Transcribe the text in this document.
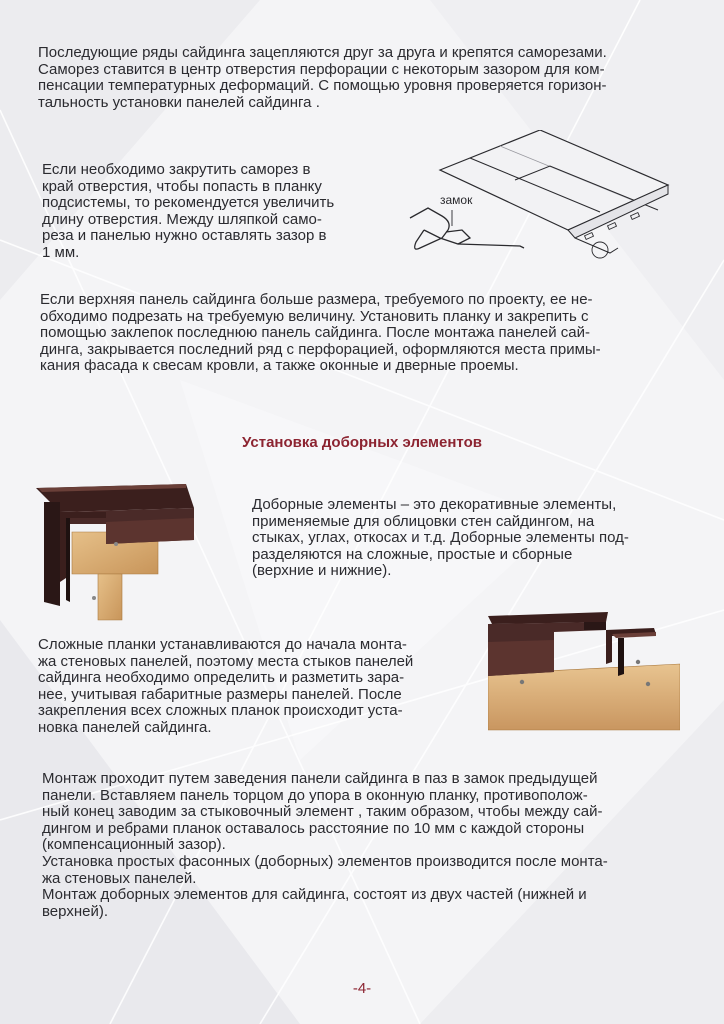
Последующие ряды сайдинга зацепляются друг за друга и крепятся саморезами.
Саморез ставится в центр отверстия перфорации с некоторым зазором для ком-
пенсации температурных деформаций. С помощью уровня проверяется горизон-
тальность установки панелей сайдинга .

Если необходимо закрутить саморез в
край отверстия, чтобы попасть в планку
подсистемы, то рекомендуется увеличить
длину отверстия. Между шляпкой само-
реза и панелью нужно оставлять зазор в
1 мм.

замок

Если верхняя панель сайдинга больше размера, требуемого по проекту, ее не-
обходимо подрезать на требуемую величину. Установить планку и закрепить с
помощью заклепок последнюю панель сайдинга. После монтажа панелей сай-
динга, закрывается последний ряд с перфорацией, оформляются места примы-
кания фасада к свесам кровли, а также оконные и дверные проемы.

Установка доборных элементов

Доборные элементы – это декоративные элементы,
применяемые для облицовки стен сайдингом, на
стыках, углах, откосах и т.д. Доборные элементы под-
разделяются на сложные, простые и сборные
(верхние и нижние).

Сложные планки устанавливаются до начала монта-
жа стеновых панелей, поэтому места стыков панелей
сайдинга необходимо определить и разметить зара-
нее, учитывая габаритные размеры панелей. После
закрепления всех сложных планок происходит уста-
новка панелей сайдинга.

Монтаж проходит путем заведения панели сайдинга в паз в замок предыдущей
панели. Вставляем панель торцом до упора в оконную планку, противополож-
ный конец заводим за стыковочный элемент , таким образом, чтобы между сай-
дингом и ребрами планок оставалось расстояние по 10 мм с каждой стороны
(компенсационный зазор).
Установка простых фасонных (доборных) элементов производится после монта-
жа стеновых панелей.
Монтаж доборных элементов для сайдинга, состоят из двух частей (нижней и
верхней).

-4-
